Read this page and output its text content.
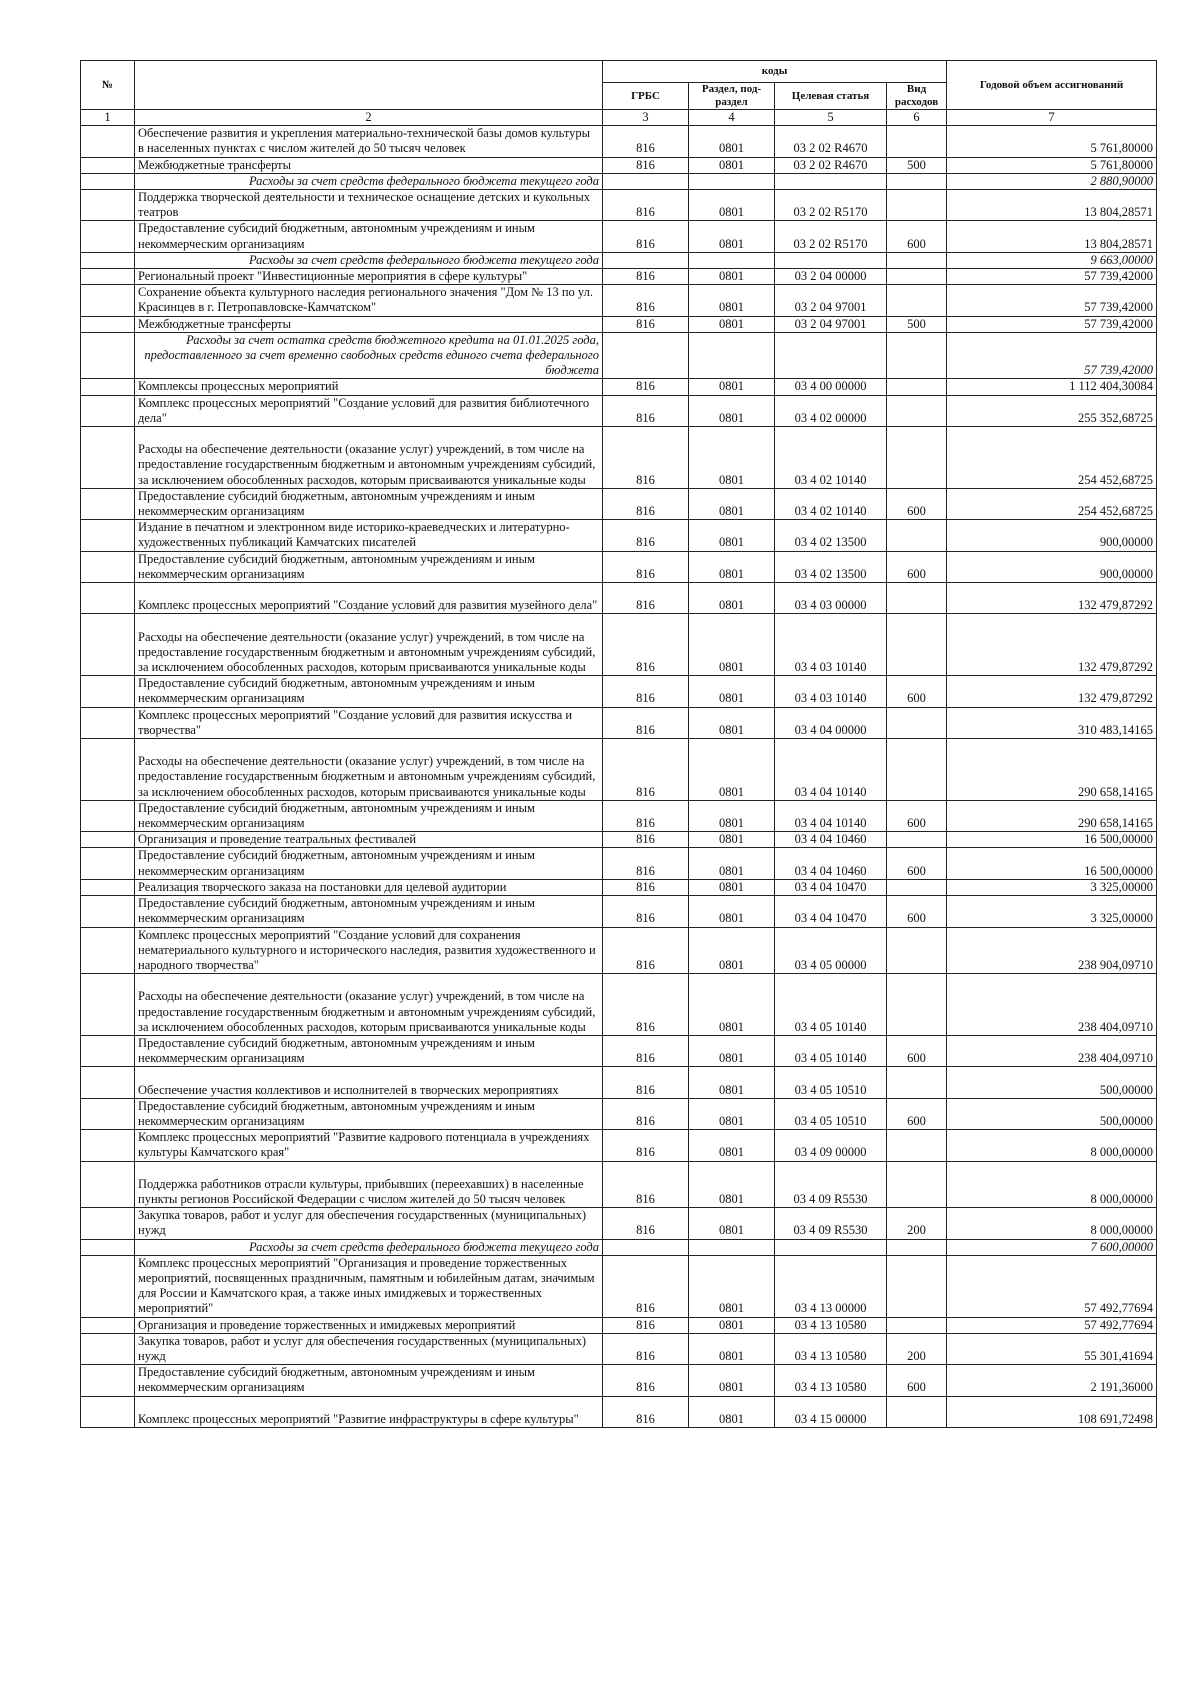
№		коды				Годовой объем ассигнований
		ГРБС	Раздел, под-раздел	Целевая статья	Вид расходов	
1	2	3	4	5	6	7
	Обеспечение развития и укрепления материально-технической базы домов культуры в населенных пунктах с числом жителей до 50 тысяч человек	816	0801	03 2 02 R4670		5 761,80000
	Межбюджетные трансферты	816	0801	03 2 02 R4670	500	5 761,80000
	Расходы за счет средств федерального бюджета текущего года					2 880,90000
	Поддержка творческой деятельности и техническое оснащение детских и кукольных театров	816	0801	03 2 02 R5170		13 804,28571
	Предоставление субсидий бюджетным, автономным учреждениям и иным некоммерческим организациям	816	0801	03 2 02 R5170	600	13 804,28571
	Расходы за счет средств федерального бюджета текущего года					9 663,00000
	Региональный проект "Инвестиционные мероприятия в сфере культуры"	816	0801	03 2 04 00000		57 739,42000
	Сохранение объекта культурного наследия регионального значения "Дом № 13 по ул. Красинцев в г. Петропавловске-Камчатском"	816	0801	03 2 04 97001		57 739,42000
	Межбюджетные трансферты	816	0801	03 2 04 97001	500	57 739,42000
	Расходы за счет остатка средств бюджетного кредита на 01.01.2025 года, предоставленного за счет временно свободных средств единого счета федерального бюджета					57 739,42000
	Комплексы процессных мероприятий	816	0801	03 4 00 00000		1 112 404,30084
	Комплекс процессных мероприятий "Создание условий для развития библиотечного дела"	816	0801	03 4 02 00000		255 352,68725
	Расходы на обеспечение деятельности (оказание услуг) учреждений, в том числе на предоставление государственным бюджетным и автономным учреждениям субсидий, за исключением обособленных расходов, которым присваиваются уникальные коды	816	0801	03 4 02 10140		254 452,68725
	Предоставление субсидий бюджетным, автономным учреждениям и иным некоммерческим организациям	816	0801	03 4 02 10140	600	254 452,68725
	Издание в печатном и электронном виде историко-краеведческих и литературно-художественных публикаций Камчатских писателей	816	0801	03 4 02 13500		900,00000
	Предоставление субсидий бюджетным, автономным учреждениям и иным некоммерческим организациям	816	0801	03 4 02 13500	600	900,00000
	Комплекс процессных мероприятий "Создание условий для развития музейного дела"	816	0801	03 4 03 00000		132 479,87292
	Расходы на обеспечение деятельности (оказание услуг) учреждений, в том числе на предоставление государственным бюджетным и автономным учреждениям субсидий, за исключением обособленных расходов, которым присваиваются уникальные коды	816	0801	03 4 03 10140		132 479,87292
	Предоставление субсидий бюджетным, автономным учреждениям и иным некоммерческим организациям	816	0801	03 4 03 10140	600	132 479,87292
	Комплекс процессных мероприятий "Создание условий для развития искусства и творчества"	816	0801	03 4 04 00000		310 483,14165
	Расходы на обеспечение деятельности (оказание услуг) учреждений, в том числе на предоставление государственным бюджетным и автономным учреждениям субсидий, за исключением обособленных расходов, которым присваиваются уникальные коды	816	0801	03 4 04 10140		290 658,14165
	Предоставление субсидий бюджетным, автономным учреждениям и иным некоммерческим организациям	816	0801	03 4 04 10140	600	290 658,14165
	Организация и проведение театральных фестивалей	816	0801	03 4 04 10460		16 500,00000
	Предоставление субсидий бюджетным, автономным учреждениям и иным некоммерческим организациям	816	0801	03 4 04 10460	600	16 500,00000
	Реализация творческого заказа на постановки для целевой аудитории	816	0801	03 4 04 10470		3 325,00000
	Предоставление субсидий бюджетным, автономным учреждениям и иным некоммерческим организациям	816	0801	03 4 04 10470	600	3 325,00000
	Комплекс процессных мероприятий "Создание условий для сохранения нематериального культурного и исторического наследия, развития художественного и народного творчества"	816	0801	03 4 05 00000		238 904,09710
	Расходы на обеспечение деятельности (оказание услуг) учреждений, в том числе на предоставление государственным бюджетным и автономным учреждениям субсидий, за исключением обособленных расходов, которым присваиваются уникальные коды	816	0801	03 4 05 10140		238 404,09710
	Предоставление субсидий бюджетным, автономным учреждениям и иным некоммерческим организациям	816	0801	03 4 05 10140	600	238 404,09710
	Обеспечение участия коллективов и исполнителей в творческих мероприятиях	816	0801	03 4 05 10510		500,00000
	Предоставление субсидий бюджетным, автономным учреждениям и иным некоммерческим организациям	816	0801	03 4 05 10510	600	500,00000
	Комплекс процессных мероприятий "Развитие кадрового потенциала в учреждениях культуры Камчатского края"	816	0801	03 4 09 00000		8 000,00000
	Поддержка работников отрасли культуры, прибывших (переехавших) в населенные пункты регионов Российской Федерации с числом жителей до 50 тысяч человек	816	0801	03 4 09 R5530		8 000,00000
	Закупка товаров, работ и услуг для обеспечения государственных (муниципальных) нужд	816	0801	03 4 09 R5530	200	8 000,00000
	Расходы за счет средств федерального бюджета текущего года					7 600,00000
	Комплекс процессных мероприятий "Организация и проведение торжественных мероприятий, посвященных праздничным, памятным и юбилейным датам, значимым для России и Камчатского края, а также иных имиджевых и торжественных мероприятий"	816	0801	03 4 13 00000		57 492,77694
	Организация и проведение торжественных и имиджевых мероприятий	816	0801	03 4 13 10580		57 492,77694
	Закупка товаров, работ и услуг для обеспечения государственных (муниципальных) нужд	816	0801	03 4 13 10580	200	55 301,41694
	Предоставление субсидий бюджетным, автономным учреждениям и иным некоммерческим организациям	816	0801	03 4 13 10580	600	2 191,36000
	Комплекс процессных мероприятий "Развитие инфраструктуры в сфере культуры"	816	0801	03 4 15 00000		108 691,72498
